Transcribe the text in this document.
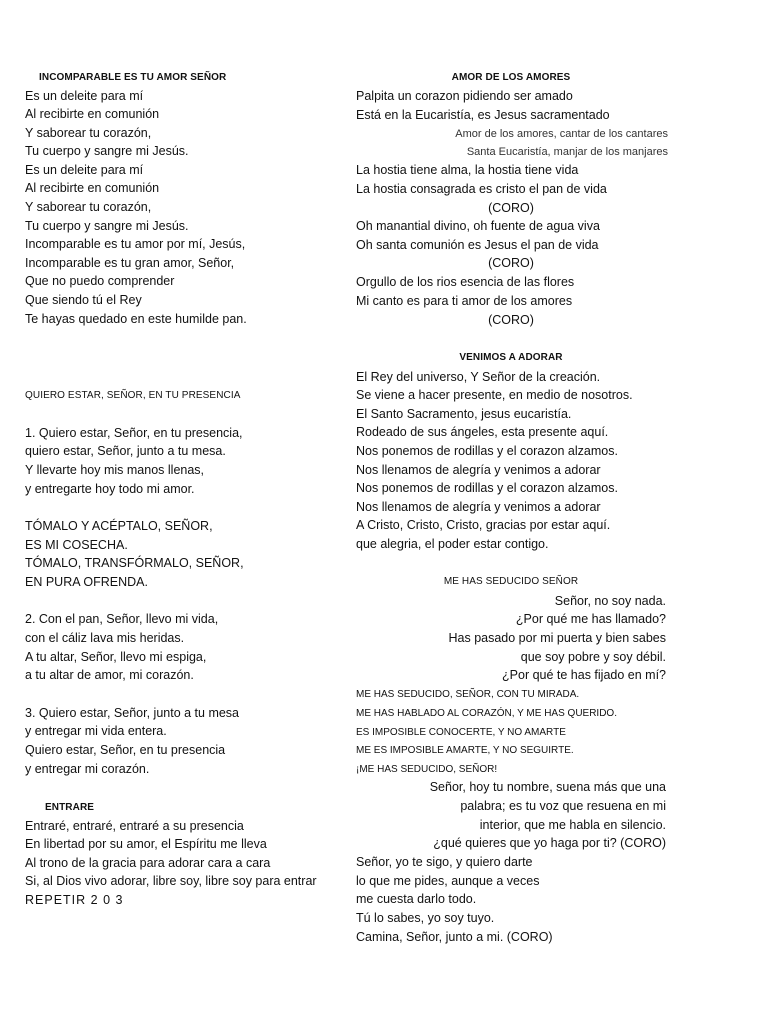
INCOMPARABLE ES TU AMOR SEÑOR
Es un deleite para mí
Al recibirte en comunión
Y saborear tu corazón,
Tu cuerpo y sangre mi Jesús.
Es un deleite para mí
Al recibirte en comunión
Y saborear tu corazón,
Tu cuerpo y sangre mi Jesús.
Incomparable es tu amor por mí, Jesús,
Incomparable es tu gran amor, Señor,
Que no puedo comprender
Que siendo tú el Rey
Te hayas quedado en este humilde pan.
QUIERO ESTAR, SEÑOR, EN TU PRESENCIA
1. Quiero estar, Señor, en tu presencia,
quiero estar, Señor, junto a tu mesa.
Y llevarte hoy mis manos llenas,
y entregarte hoy todo mi amor.
TÓMALO Y ACÉPTALO, SEÑOR,
ES MI COSECHA.
TÓMALO, TRANSFÓRMALO, SEÑOR,
EN PURA OFRENDA.
2. Con el pan, Señor, llevo mi vida,
con el cáliz lava mis heridas.
A tu altar, Señor, llevo mi espiga,
a tu altar de amor, mi corazón.
3. Quiero estar, Señor, junto a tu mesa
y entregar mi vida entera.
Quiero estar, Señor, en tu presencia
y entregar mi corazón.
ENTRARE
Entraré, entraré, entraré a su presencia
En libertad por su amor, el Espíritu me lleva
Al trono de la gracia para adorar cara a cara
Si, al Dios vivo adorar, libre soy, libre soy para entrar
REPETIR 2 0 3
AMOR DE LOS AMORES
Palpita un corazon pidiendo ser amado
Está en la Eucaristía, es Jesus sacramentado
Amor de los amores, cantar de los cantares
Santa Eucaristía, manjar de los manjares
La hostia tiene alma, la hostia tiene vida
La hostia consagrada es cristo el pan de vida
(CORO)
Oh manantial divino, oh fuente de agua viva
Oh santa comunión es Jesus el pan de vida
(CORO)
Orgullo de los rios esencia de las flores
Mi canto es para ti amor de los amores
(CORO)
VENIMOS A ADORAR
El Rey del universo, Y Señor de la creación.
Se viene a hacer presente, en medio de nosotros.
El Santo Sacramento, jesus eucaristía.
Rodeado de sus ángeles, esta presente aquí.
Nos ponemos de rodillas y el corazon alzamos.
Nos llenamos de alegría y venimos a adorar
Nos ponemos de rodillas y el corazon alzamos.
Nos llenamos de alegría y venimos a adorar
A Cristo, Cristo, Cristo, gracias por estar aquí.
que alegria, el poder estar contigo.
ME HAS SEDUCIDO SEÑOR
Señor, no soy nada.
¿Por qué me has llamado?
Has pasado por mi puerta y bien sabes
que soy pobre y soy débil.
¿Por qué te has fijado en mí?
ME HAS SEDUCIDO, SEÑOR, CON TU MIRADA.
ME HAS HABLADO AL CORAZÓN, Y ME HAS QUERIDO.
ES IMPOSIBLE CONOCERTE, Y NO AMARTE
ME ES IMPOSIBLE AMARTE, Y NO SEGUIRTE.
¡ME HAS SEDUCIDO, SEÑOR!
Señor, hoy tu nombre, suena más que una
palabra; es tu voz que resuena en mi
interior, que me habla en silencio.
¿qué quieres que yo haga por ti? (CORO)
Señor, yo te sigo, y quiero darte
lo que me pides, aunque a veces
me cuesta darlo todo.
Tú lo sabes, yo soy tuyo.
Camina, Señor, junto a mi. (CORO)
